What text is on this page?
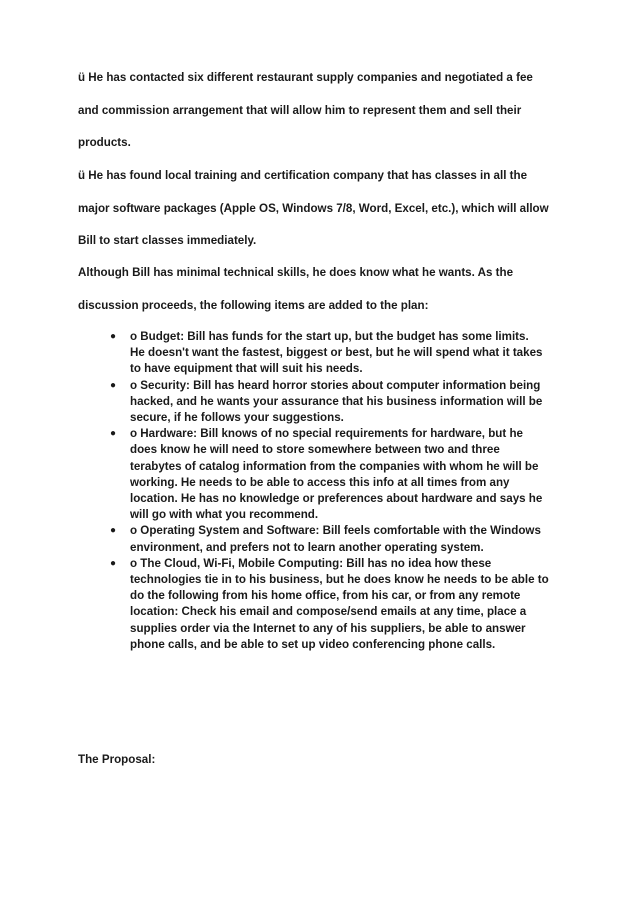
ü He has contacted six different restaurant supply companies and negotiated a fee
and commission arrangement that will allow him to represent them and sell their
products.

ü He has found local training and certification company that has classes in all the
major software packages (Apple OS, Windows 7/8, Word, Excel, etc.), which will allow
Bill to start classes immediately.

Although Bill has minimal technical skills, he does know what he wants. As the
discussion proceeds, the following items are added to the plan:

● o Budget: Bill has funds for the start up, but the budget has some limits.
He doesn't want the fastest, biggest or best, but he will spend what it takes
to have equipment that will suit his needs.
● o Security: Bill has heard horror stories about computer information being
hacked, and he wants your assurance that his business information will be
secure, if he follows your suggestions.
● o Hardware: Bill knows of no special requirements for hardware, but he
does know he will need to store somewhere between two and three
terabytes of catalog information from the companies with whom he will be
working. He needs to be able to access this info at all times from any
location. He has no knowledge or preferences about hardware and says he
will go with what you recommend.
● o Operating System and Software: Bill feels comfortable with the Windows
environment, and prefers not to learn another operating system.
● o The Cloud, Wi-Fi, Mobile Computing: Bill has no idea how these
technologies tie in to his business, but he does know he needs to be able to
do the following from his home office, from his car, or from any remote
location: Check his email and compose/send emails at any time, place a
supplies order via the Internet to any of his suppliers, be able to answer
phone calls, and be able to set up video conferencing phone calls.

The Proposal:
